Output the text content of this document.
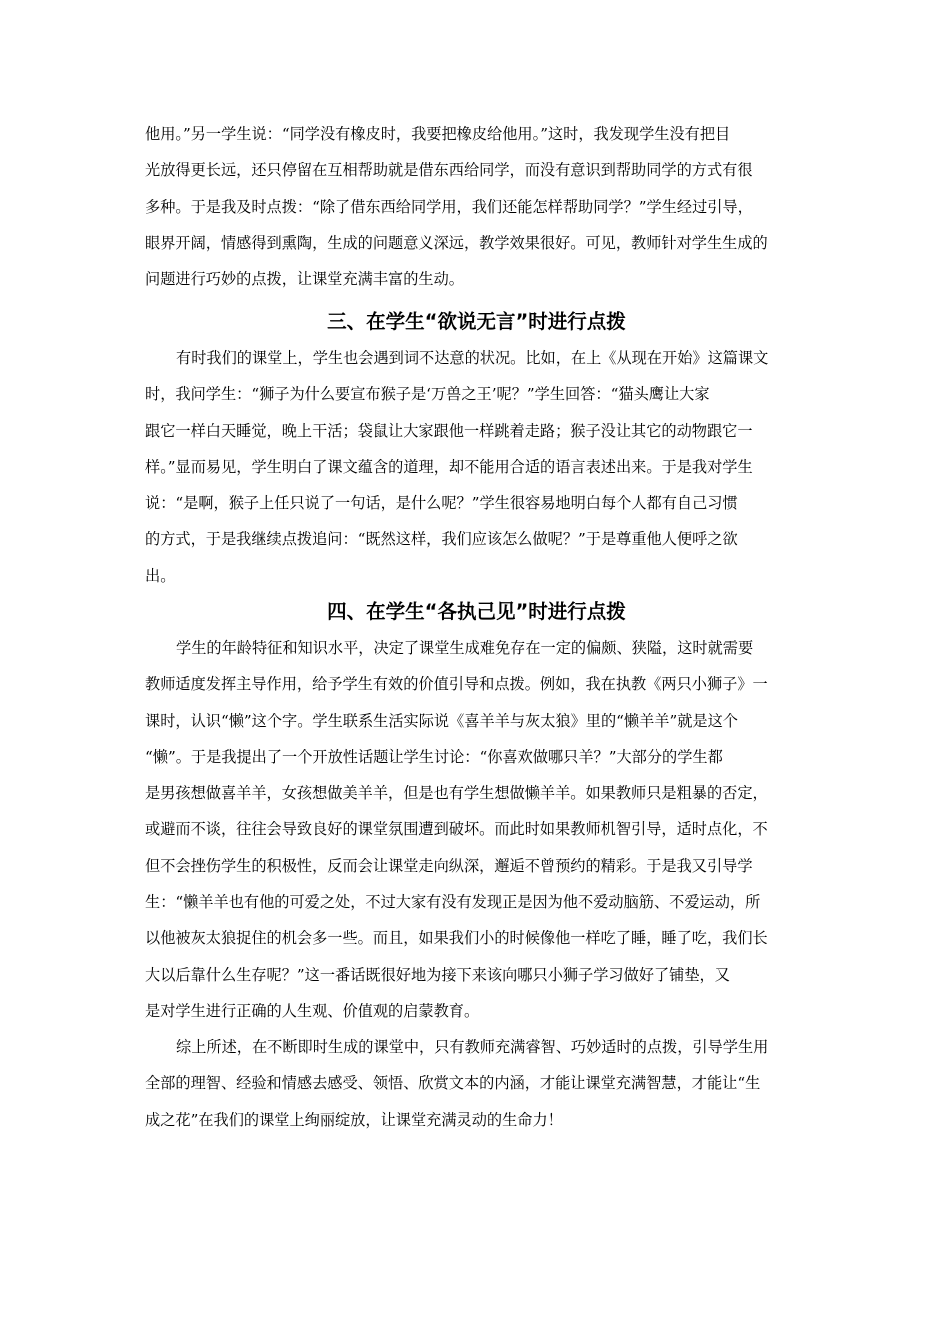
他用。”另一学生说：“同学没有橡皮时，我要把橡皮给他用。”这时，我发现学生没有把目
光放得更长远，还只停留在互相帮助就是借东西给同学，而没有意识到帮助同学的方式有很
多种。于是我及时点拨：“除了借东西给同学用，我们还能怎样帮助同学？”学生经过引导，
眼界开阔，情感得到熏陶，生成的问题意义深远，教学效果很好。可见，教师针对学生生成的
问题进行巧妙的点拨，让课堂充满丰富的生动。
三、在学生“欲说无言”时进行点拨
有时我们的课堂上，学生也会遇到词不达意的状况。比如，在上《从现在开始》这篇课文
时，我问学生：“狮子为什么要宣布猴子是‘万兽之王’呢？”学生回答：“猫头鹰让大家
跟它一样白天睡觉，晚上干活；袋鼠让大家跟他一样跳着走路；猴子没让其它的动物跟它一
样。”显而易见，学生明白了课文蕴含的道理，却不能用合适的语言表述出来。于是我对学生
说：“是啊，猴子上任只说了一句话，是什么呢？”学生很容易地明白每个人都有自己习惯
的方式，于是我继续点拨追问：“既然这样，我们应该怎么做呢？”于是尊重他人便呼之欲
出。
四、在学生“各执己见”时进行点拨
学生的年龄特征和知识水平，决定了课堂生成难免存在一定的偏颇、狭隘，这时就需要
教师适度发挥主导作用，给予学生有效的价值引导和点拨。例如，我在执教《两只小狮子》一
课时，认识“懒”这个字。学生联系生活实际说《喜羊羊与灰太狼》里的“懒羊羊”就是这个
“懒”。于是我提出了一个开放性话题让学生讨论：“你喜欢做哪只羊？”大部分的学生都
是男孩想做喜羊羊，女孩想做美羊羊，但是也有学生想做懒羊羊。如果教师只是粗暴的否定，
或避而不谈，往往会导致良好的课堂氛围遭到破坏。而此时如果教师机智引导，适时点化，不
但不会挫伤学生的积极性，反而会让课堂走向纵深，邂逅不曾预约的精彩。于是我又引导学
生：“懒羊羊也有他的可爱之处，不过大家有没有发现正是因为他不爱动脑筋、不爱运动，所
以他被灰太狼捉住的机会多一些。而且，如果我们小的时候像他一样吃了睡，睡了吃，我们长
大以后靠什么生存呢？”这一番话既很好地为接下来该向哪只小狮子学习做好了铺垫，又
是对学生进行正确的人生观、价值观的启蒙教育。
综上所述，在不断即时生成的课堂中，只有教师充满睿智、巧妙适时的点拨，引导学生用
全部的理智、经验和情感去感受、领悟、欣赏文本的内涵，才能让课堂充满智慧，才能让“生
成之花”在我们的课堂上绚丽绽放，让课堂充满灵动的生命力！
